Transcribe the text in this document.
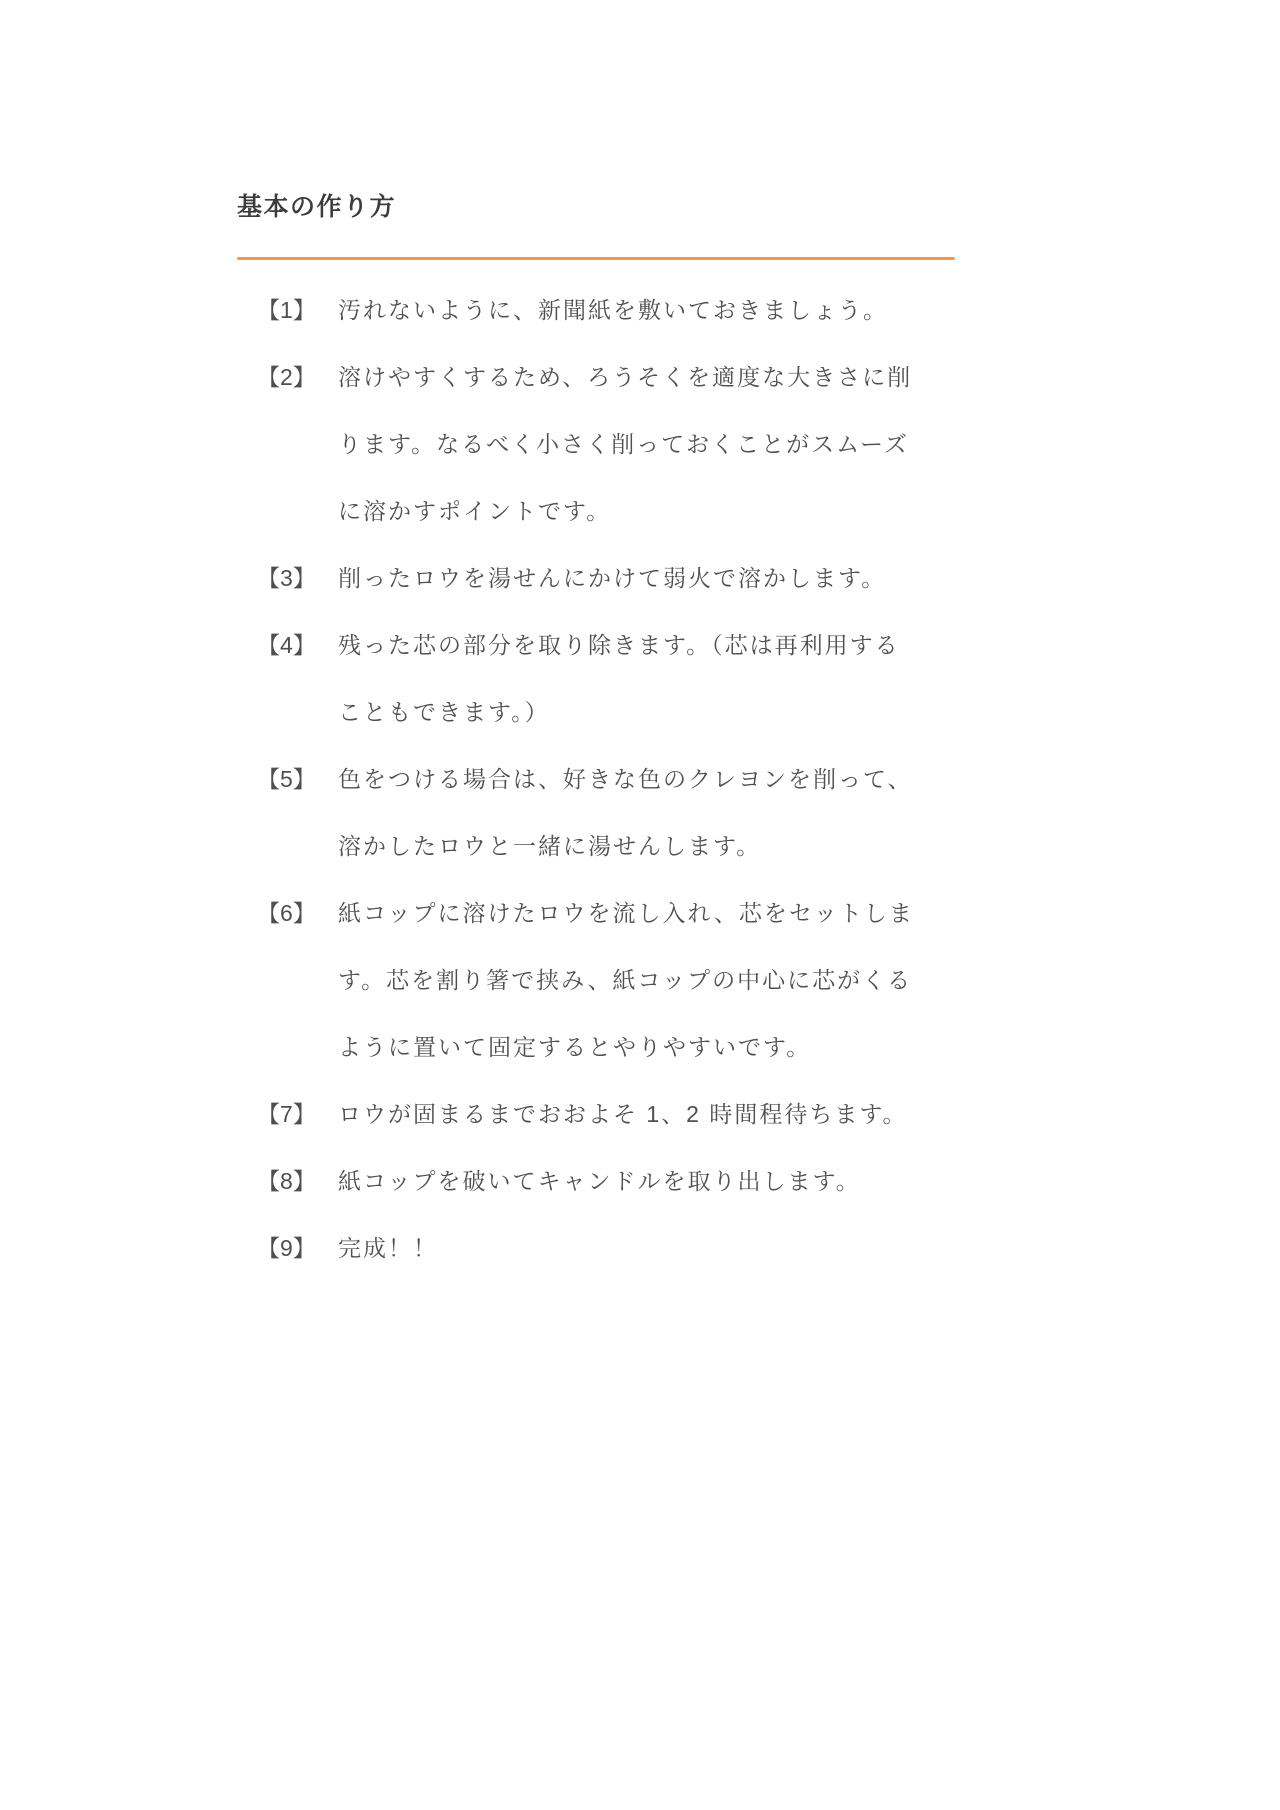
基本の作り方
【1】 汚れないように、新聞紙を敷いておきましょう。
【2】 溶けやすくするため、ろうそくを適度な大きさに削
ります。なるべく小さく削っておくことがスムーズ
に溶かすポイントです。
【3】 削ったロウを湯せんにかけて弱火で溶かします。
【4】 残った芯の部分を取り除きます。（芯は再利用する
こともできます。）
【5】 色をつける場合は、好きな色のクレヨンを削って、
溶かしたロウと一緒に湯せんします。
【6】 紙コップに溶けたロウを流し入れ、芯をセットしま
す。芯を割り箸で挟み、紙コップの中心に芯がくる
ように置いて固定するとやりやすいです。
【7】 ロウが固まるまでおおよそ 1、2 時間程待ちます。
【8】 紙コップを破いてキャンドルを取り出します。
【9】 完成！！
